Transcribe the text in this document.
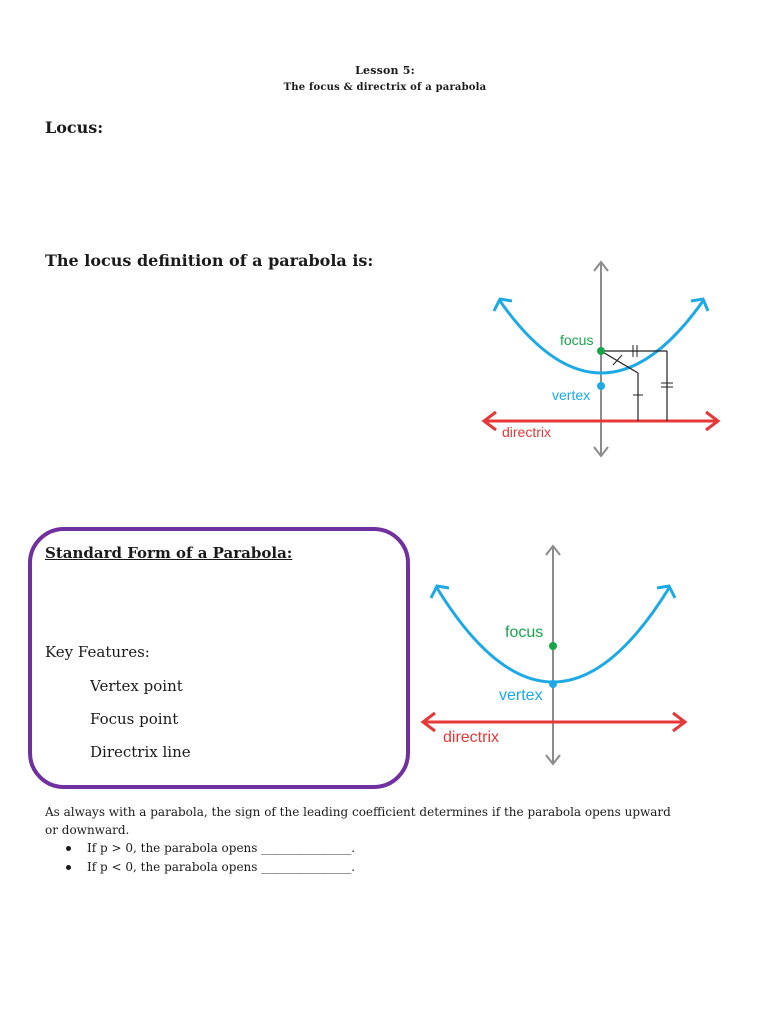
Lesson 5:
The focus & directrix of a parabola
Locus:
The locus definition of a parabola is:
focus
vertex
directrix
Standard Form of a Parabola:
Key Features:
Vertex point
Focus point
Directrix line
focus
vertex
directrix
As always with a parabola, the sign of the leading coefficient determines if the parabola opens upward or downward.
If p > 0, the parabola opens _______________.
If p < 0, the parabola opens _______________.
